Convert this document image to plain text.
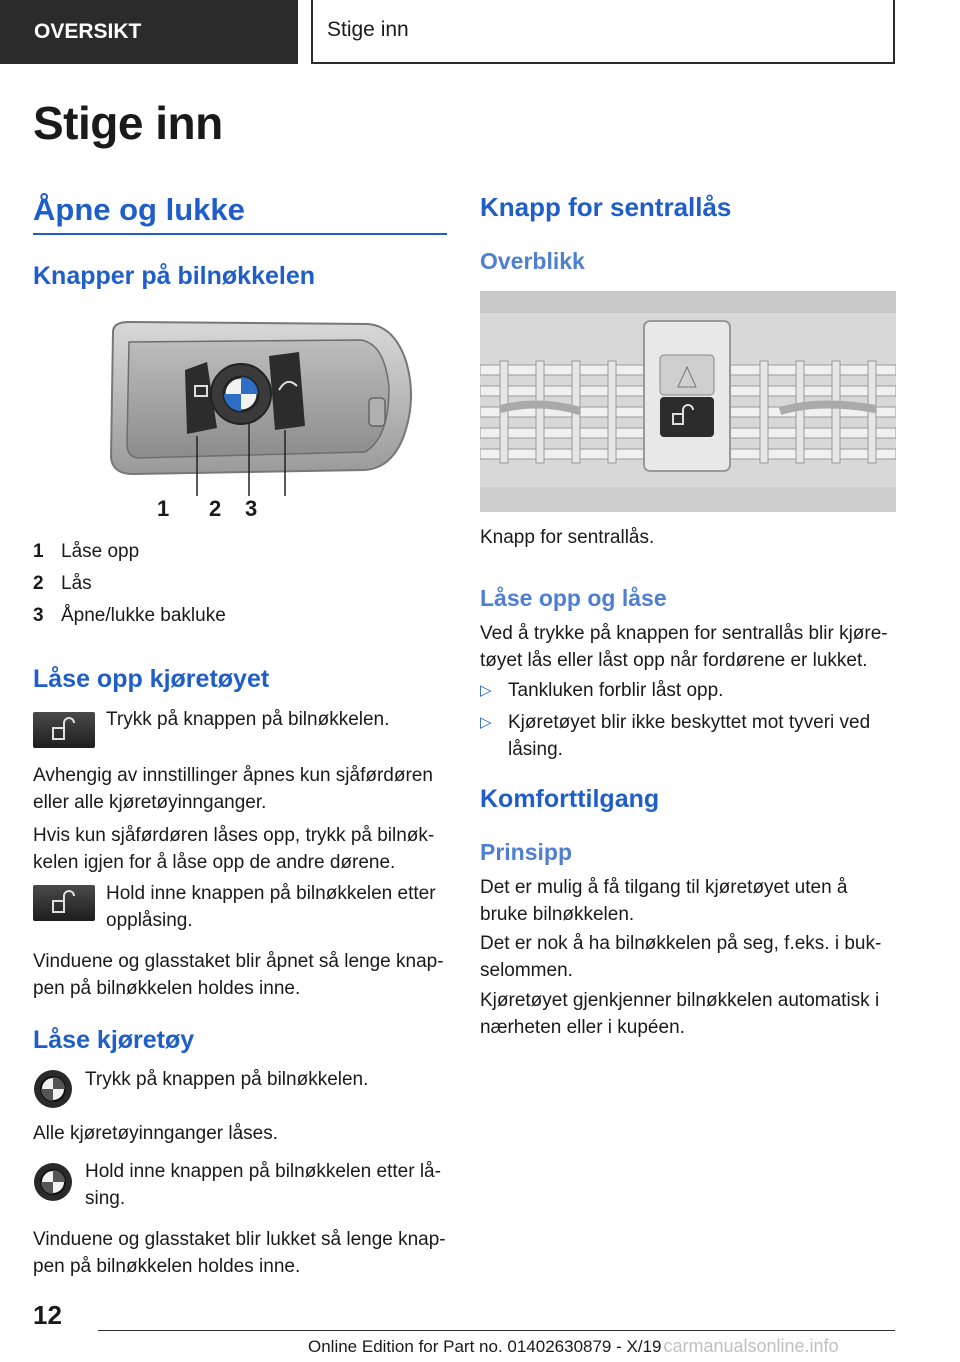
OVERSIKT	Stige inn
Stige inn
Åpne og lukke
Knapper på bilnøkkelen
1 2 3
1 Låse opp
2 Lås
3 Åpne/lukke bakluke
Låse opp kjøretøyet

Trykk på knappen på bilnøkkelen.

Avhengig av innstillinger åpnes kun sjåførdøren eller alle kjøretøyinnganger.

Hvis kun sjåførdøren låses opp, trykk på bilnøk-kelen igjen for å låse opp de andre dørene.

Hold inne knappen på bilnøkkelen etter opplåsing.

Vinduene og glasstaket blir åpnet så lenge knap-pen på bilnøkkelen holdes inne.

Låse kjøretøy

Trykk på knappen på bilnøkkelen.

Alle kjøretøyinnganger låses.

Hold inne knappen på bilnøkkelen etter lå-sing.

Vinduene og glasstaket blir lukket så lenge knap-pen på bilnøkkelen holdes inne.

Knapp for sentrallås
Overblikk

Knapp for sentrallås.

Låse opp og låse

Ved å trykke på knappen for sentrallås blir kjøre-tøyet lås eller låst opp når fordørene er lukket.

▷ Tankluken forblir låst opp.
▷ Kjøretøyet blir ikke beskyttet mot tyveri ved låsing.
Komforttilgang
Prinsipp

Det er mulig å få tilgang til kjøretøyet uten å bruke bilnøkkelen.

Det er nok å ha bilnøkkelen på seg, f.eks. i buk-selommen.

Kjøretøyet gjenkjenner bilnøkkelen automatisk i nærheten eller i kupéen.

12
Online Edition for Part no. 01402630879 - X/19 carmanualsonline.info
